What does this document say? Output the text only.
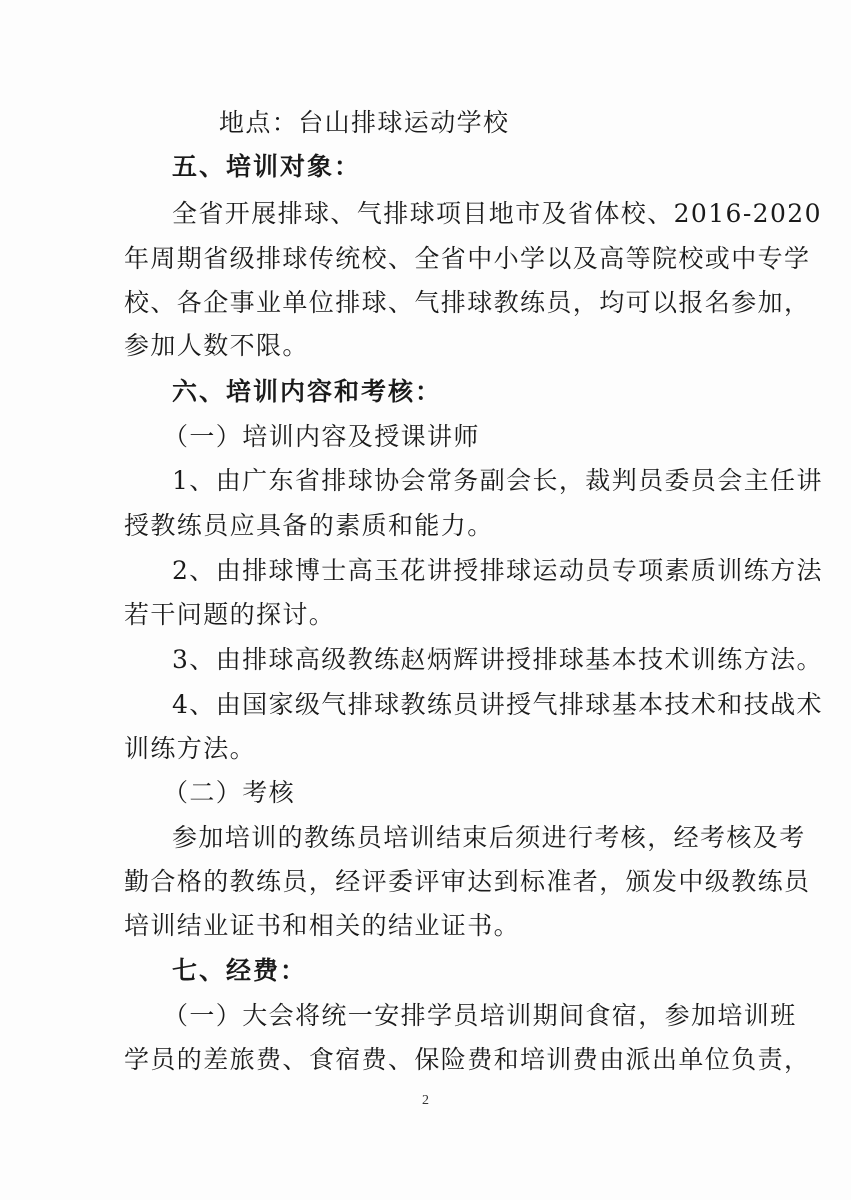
地点：台山排球运动学校
五、培训对象：
全省开展排球、气排球项目地市及省体校、2016-2020
年周期省级排球传统校、全省中小学以及高等院校或中专学
校、各企事业单位排球、气排球教练员，均可以报名参加，
参加人数不限。
六、培训内容和考核：
（一）培训内容及授课讲师
1、由广东省排球协会常务副会长，裁判员委员会主任讲
授教练员应具备的素质和能力。
2、由排球博士高玉花讲授排球运动员专项素质训练方法
若干问题的探讨。
3、由排球高级教练赵炳辉讲授排球基本技术训练方法。
4、由国家级气排球教练员讲授气排球基本技术和技战术
训练方法。
（二）考核
参加培训的教练员培训结束后须进行考核，经考核及考
勤合格的教练员，经评委评审达到标准者，颁发中级教练员
培训结业证书和相关的结业证书。
七、经费：
（一）大会将统一安排学员培训期间食宿，参加培训班
学员的差旅费、食宿费、保险费和培训费由派出单位负责，
2
